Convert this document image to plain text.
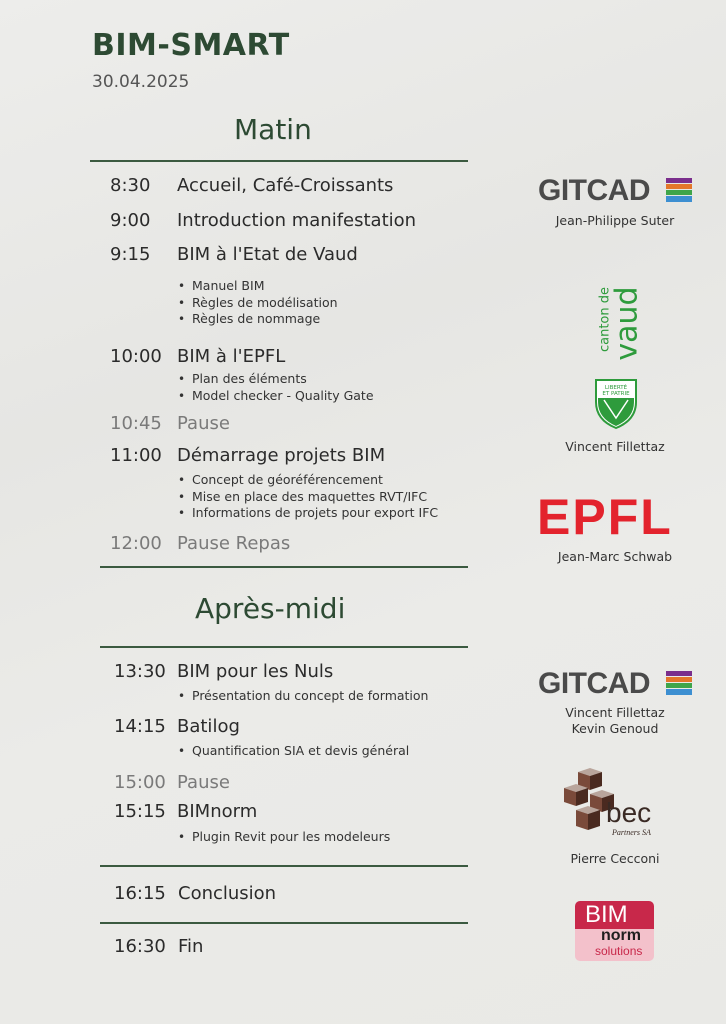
BIM-SMART
30.04.2025
Matin
8:30 Accueil, Café-Croissants
9:00 Introduction manifestation
9:15 BIM à l'Etat de Vaud
• Manuel BIM
• Règles de modélisation
• Règles de nommage
10:00 BIM à l'EPFL
• Plan des éléments
• Model checker - Quality Gate
10:45 Pause
11:00 Démarrage projets BIM
• Concept de géoréférencement
• Mise en place des maquettes RVT/IFC
• Informations de projets pour export IFC
12:00 Pause Repas
Après-midi
13:30 BIM pour les Nuls
• Présentation du concept de formation
14:15 Batilog
• Quantification SIA et devis général
15:00 Pause
15:15 BIMnorm
• Plugin Revit pour les modeleurs
16:15 Conclusion
16:30 Fin
GITCAD
Jean-Philippe Suter
canton de
vaud
LIBERTÉ
ET PATRIE
Vincent Fillettaz
EPFL
Jean-Marc Schwab
GITCAD
Vincent Fillettaz
Kevin Genoud
bec
Partners SA
Pierre Cecconi
BIM
norm
solutions
